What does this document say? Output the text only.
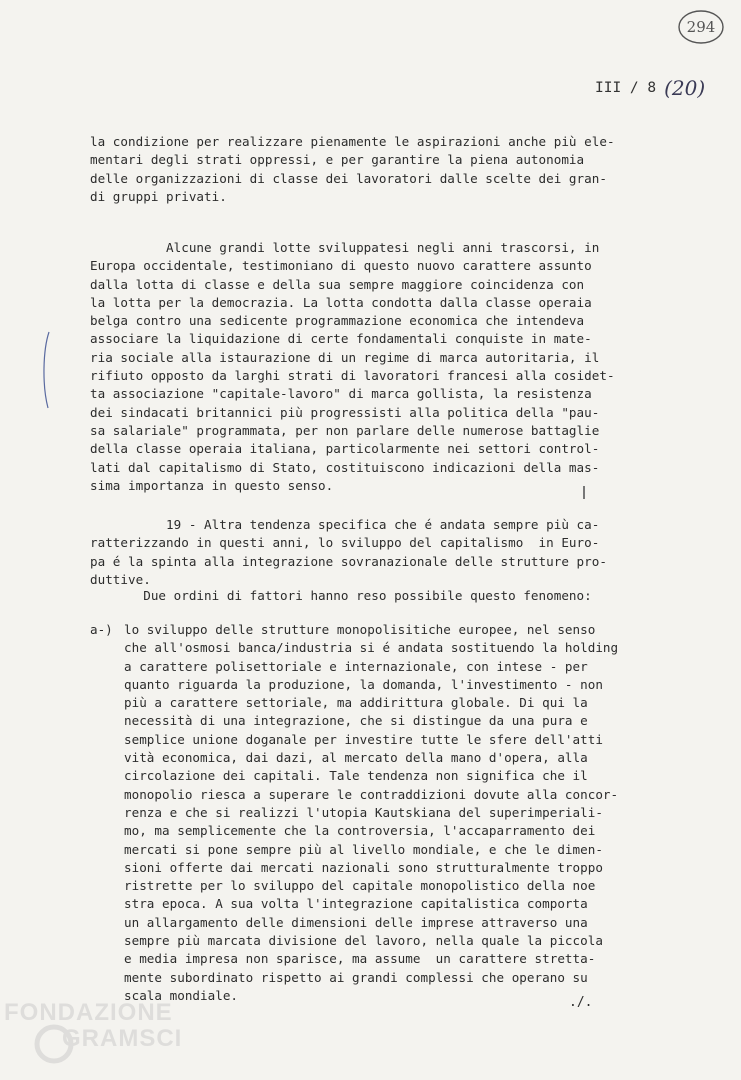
294
III / 8 (20)
la condizione per realizzare pienamente le aspirazioni anche più ele-
mentari degli strati oppressi, e per garantire la piena autonomia
delle organizzazioni di classe dei lavoratori dalle scelte dei gran-
di gruppi privati.
Alcune grandi lotte sviluppatesi negli anni trascorsi, in
Europa occidentale, testimoniano di questo nuovo carattere assunto
dalla lotta di classe e della sua sempre maggiore coincidenza con
la lotta per la democrazia. La lotta condotta dalla classe operaia
belga contro una sedicente programmazione economica che intendeva
associare la liquidazione di certe fondamentali conquiste in mate-
ria sociale alla istaurazione di un regime di marca autoritaria, il
rifiuto opposto da larghi strati di lavoratori francesi alla cosidet-
ta associazione "capitale-lavoro" di marca gollista, la resistenza
dei sindacati britannici più progressisti alla politica della "pau-
sa salariale" programmata, per non parlare delle numerose battaglie
della classe operaia italiana, particolarmente nei settori control-
lati dal capitalismo di Stato, costituiscono indicazioni della mas-
sima importanza in questo senso.
19 - Altra tendenza specifica che é andata sempre più ca-
ratterizzando in questi anni, lo sviluppo del capitalismo  in Euro-
pa é la spinta alla integrazione sovranazionale delle strutture pro-
duttive.
Due ordini di fattori hanno reso possibile questo fenomeno:
a-) lo sviluppo delle strutture monopolisitiche europee, nel senso
che all'osmosi banca/industria si é andata sostituendo la holding
a carattere polisettoriale e internazionale, con intese - per
quanto riguarda la produzione, la domanda, l'investimento - non
più a carattere settoriale, ma addirittura globale. Di qui la
necessità di una integrazione, che si distingue da una pura e
semplice unione doganale per investire tutte le sfere dell'atti
vità economica, dai dazi, al mercato della mano d'opera, alla
circolazione dei capitali. Tale tendenza non significa che il
monopolio riesca a superare le contraddizioni dovute alla concor-
renza e che si realizzi l'utopia Kautskiana del superimperiali-
mo, ma semplicemente che la controversia, l'accaparramento dei
mercati si pone sempre più al livello mondiale, e che le dimen-
sioni offerte dai mercati nazionali sono strutturalmente troppo
ristrette per lo sviluppo del capitale monopolistico della noe
stra epoca. A sua volta l'integrazione capitalistica comporta
un allargamento delle dimensioni delle imprese attraverso una
sempre più marcata divisione del lavoro, nella quale la piccola
e media impresa non sparisce, ma assume  un carattere stretta-
mente subordinato rispetto ai grandi complessi che operano su
scala mondiale.	./.
FONDAZIONE
GRAMSCI
